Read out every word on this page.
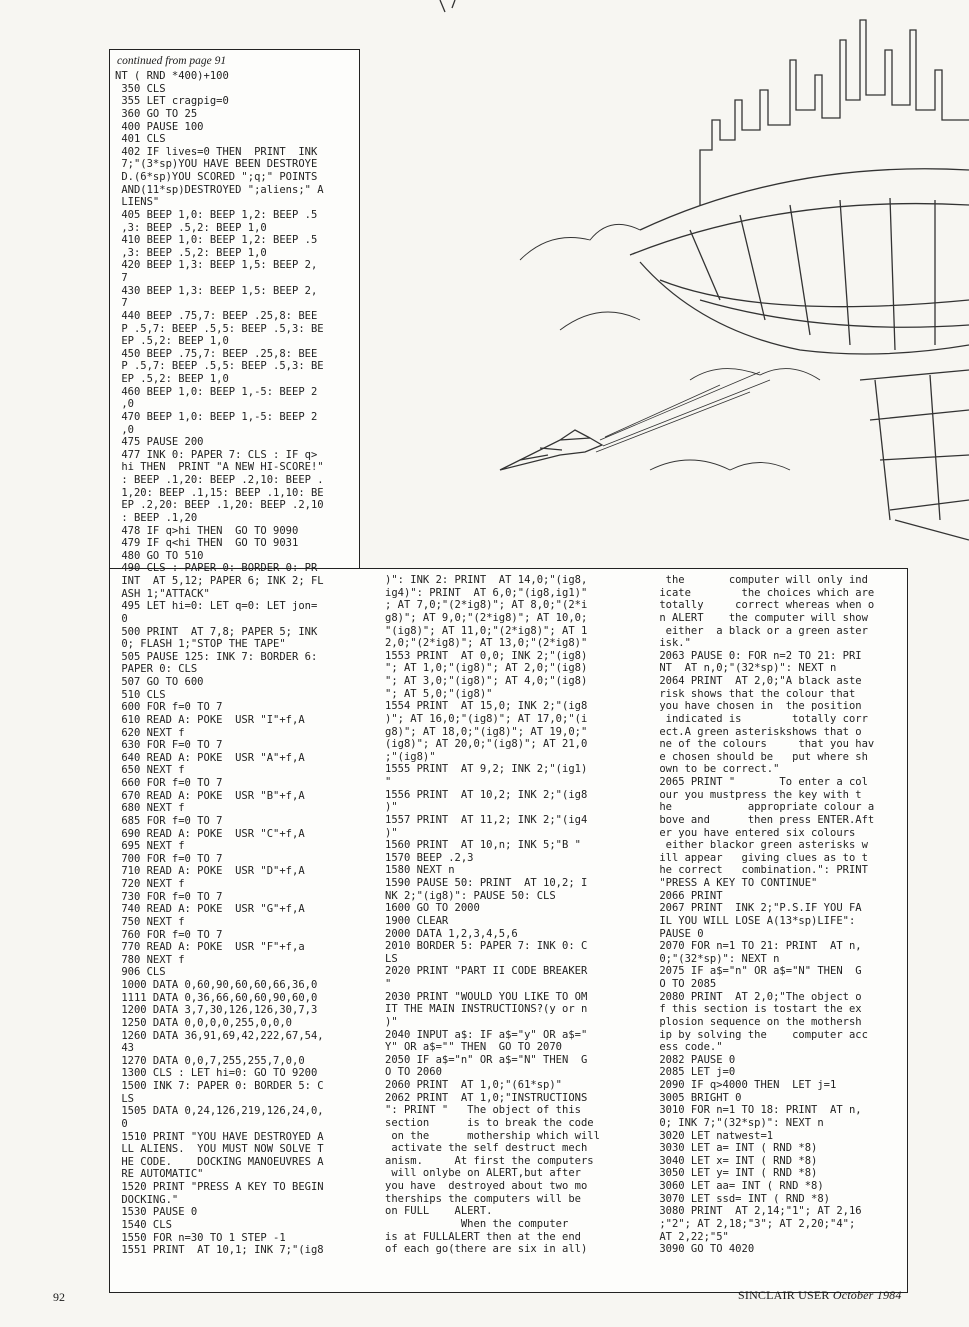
continued from page 91
NT ( RND *400)+100
350 CLS
355 LET cragpig=0
360 GO TO 25
400 PAUSE 100
401 CLS
402 IF lives=0 THEN  PRINT  INK
7;"(3*sp)YOU HAVE BEEN DESTROYE
D.(6*sp)YOU SCORED ";q;" POINTS
AND(11*sp)DESTROYED ";aliens;" A
LIENS"
405 BEEP 1,0: BEEP 1,2: BEEP .5
,3: BEEP .5,2: BEEP 1,0
410 BEEP 1,0: BEEP 1,2: BEEP .5
,3: BEEP .5,2: BEEP 1,0
420 BEEP 1,3: BEEP 1,5: BEEP 2,
7
430 BEEP 1,3: BEEP 1,5: BEEP 2,
7
440 BEEP .75,7: BEEP .25,8: BEE
P .5,7: BEEP .5,5: BEEP .5,3: BE
EP .5,2: BEEP 1,0
450 BEEP .75,7: BEEP .25,8: BEE
P .5,7: BEEP .5,5: BEEP .5,3: BE
EP .5,2: BEEP 1,0
460 BEEP 1,0: BEEP 1,-5: BEEP 2
,0
470 BEEP 1,0: BEEP 1,-5: BEEP 2
,0
475 PAUSE 200
477 INK 0: PAPER 7: CLS : IF q>
hi THEN  PRINT "A NEW HI-SCORE!"
: BEEP .1,20: BEEP .2,10: BEEP .
1,20: BEEP .1,15: BEEP .1,10: BE
EP .2,20: BEEP .1,20: BEEP .2,10
: BEEP .1,20
478 IF q>hi THEN  GO TO 9090
479 IF q<hi THEN  GO TO 9031
480 GO TO 510
490 CLS : PAPER 0: BORDER 0: PR
INT  AT 5,12; PAPER 6; INK 2; FL
ASH 1;"ATTACK"
495 LET hi=0: LET q=0: LET jon=
0
500 PRINT  AT 7,8; PAPER 5; INK
0; FLASH 1;"STOP THE TAPE"
505 PAUSE 125: INK 7: BORDER 6:
PAPER 0: CLS
507 GO TO 600
510 CLS
600 FOR f=0 TO 7
610 READ A: POKE  USR "I"+f,A
620 NEXT f
630 FOR F=0 TO 7
640 READ A: POKE  USR "A"+f,A
650 NEXT f
660 FOR f=0 TO 7
670 READ A: POKE  USR "B"+f,A
680 NEXT f
685 FOR f=0 TO 7
690 READ A: POKE  USR "C"+f,A
695 NEXT f
700 FOR f=0 TO 7
710 READ A: POKE  USR "D"+f,A
720 NEXT f
730 FOR f=0 TO 7
740 READ A: POKE  USR "G"+f,A
750 NEXT f
760 FOR f=0 TO 7
770 READ A: POKE  USR "F"+f,a
780 NEXT f
906 CLS
1000 DATA 0,60,90,60,60,66,36,0
1111 DATA 0,36,66,60,60,90,60,0
1200 DATA 3,7,30,126,126,30,7,3
1250 DATA 0,0,0,0,255,0,0,0
1260 DATA 36,91,69,42,222,67,54,
43
1270 DATA 0,0,7,255,255,7,0,0
1300 CLS : LET hi=0: GO TO 9200
1500 INK 7: PAPER 0: BORDER 5: C
LS
1505 DATA 0,24,126,219,126,24,0,
0
1510 PRINT "YOU HAVE DESTROYED A
LL ALIENS.  YOU MUST NOW SOLVE T
HE CODE.    DOCKING MANOEUVRES A
RE AUTOMATIC"
1520 PRINT "PRESS A KEY TO BEGIN
DOCKING."
1530 PAUSE 0
1540 CLS
1550 FOR n=30 TO 1 STEP -1
1551 PRINT  AT 10,1; INK 7;"(ig8
)": INK 2: PRINT  AT 14,0;"(ig8,
ig4)": PRINT  AT 6,0;"(ig8,ig1)"
; AT 7,0;"(2*ig8)"; AT 8,0;"(2*i
g8)"; AT 9,0;"(2*ig8)"; AT 10,0;
"(ig8)"; AT 11,0;"(2*ig8)"; AT 1
2,0;"(2*ig8)"; AT 13,0;"(2*ig8)"
1553 PRINT  AT 0,0; INK 2;"(ig8)
"; AT 1,0;"(ig8)"; AT 2,0;"(ig8)
"; AT 3,0;"(ig8)"; AT 4,0;"(ig8)
"; AT 5,0;"(ig8)"
1554 PRINT  AT 15,0; INK 2;"(ig8
)"; AT 16,0;"(ig8)"; AT 17,0;"(i
g8)"; AT 18,0;"(ig8)"; AT 19,0;"
(ig8)"; AT 20,0;"(ig8)"; AT 21,0
;"(ig8)"
1555 PRINT  AT 9,2; INK 2;"(ig1)
"
1556 PRINT  AT 10,2; INK 2;"(ig8
)"
1557 PRINT  AT 11,2; INK 2;"(ig4
)"
1560 PRINT  AT 10,n; INK 5;"B "
1570 BEEP .2,3
1580 NEXT n
1590 PAUSE 50: PRINT  AT 10,2; I
NK 2;"(ig8)": PAUSE 50: CLS
1600 GO TO 2000
1900 CLEAR
2000 DATA 1,2,3,4,5,6
2010 BORDER 5: PAPER 7: INK 0: C
LS
2020 PRINT "PART II CODE BREAKER
"
2030 PRINT "WOULD YOU LIKE TO OM
IT THE MAIN INSTRUCTIONS?(y or n
)"
2040 INPUT a$: IF a$="y" OR a$="
Y" OR a$="" THEN  GO TO 2070
2050 IF a$="n" OR a$="N" THEN  G
O TO 2060
2060 PRINT  AT 1,0;"(61*sp)"
2062 PRINT  AT 1,0;"INSTRUCTIONS
": PRINT "   The object of this
section      is to break the code
on the      mothership which will
activate the self destruct mech
anism.     At first the computers
will onlybe on ALERT,but after
you have  destroyed about two mo
therships the computers will be
on FULL    ALERT.
When the computer
is at FULLALERT then at the end
of each go(there are six in all)
the       computer will only ind
icate        the choices which are
totally     correct whereas when o
n ALERT    the computer will show
either  a black or a green aster
isk."
2063 PAUSE 0: FOR n=2 TO 21: PRI
NT  AT n,0;"(32*sp)": NEXT n
2064 PRINT  AT 2,0;"A black aste
risk shows that the colour that
you have chosen in  the position
indicated is        totally corr
ect.A green asteriskshows that o
ne of the colours     that you hav
e chosen should be   put where sh
own to be correct."
2065 PRINT "       To enter a col
our you mustpress the key with t
he            appropriate colour a
bove and      then press ENTER.Aft
er you have entered six colours
either blackor green asterisks w
ill appear   giving clues as to t
he correct   combination.": PRINT
"PRESS A KEY TO CONTINUE"
2066 PRINT
2067 PRINT  INK 2;"P.S.IF YOU FA
IL YOU WILL LOSE A(13*sp)LIFE":
PAUSE 0
2070 FOR n=1 TO 21: PRINT  AT n,
0;"(32*sp)": NEXT n
2075 IF a$="n" OR a$="N" THEN  G
O TO 2085
2080 PRINT  AT 2,0;"The object o
f this section is tostart the ex
plosion sequence on the mothersh
ip by solving the    computer acc
ess code."
2082 PAUSE 0
2085 LET j=0
2090 IF q>4000 THEN  LET j=1
3005 BRIGHT 0
3010 FOR n=1 TO 18: PRINT  AT n,
0; INK 7;"(32*sp)": NEXT n
3020 LET natwest=1
3030 LET a= INT ( RND *8)
3040 LET x= INT ( RND *8)
3050 LET y= INT ( RND *8)
3060 LET aa= INT ( RND *8)
3070 LET ssd= INT ( RND *8)
3080 PRINT  AT 2,14;"1"; AT 2,16
;"2"; AT 2,18;"3"; AT 2,20;"4";
AT 2,22;"5"
3090 GO TO 4020
92	SINCLAIR USER October 1984
